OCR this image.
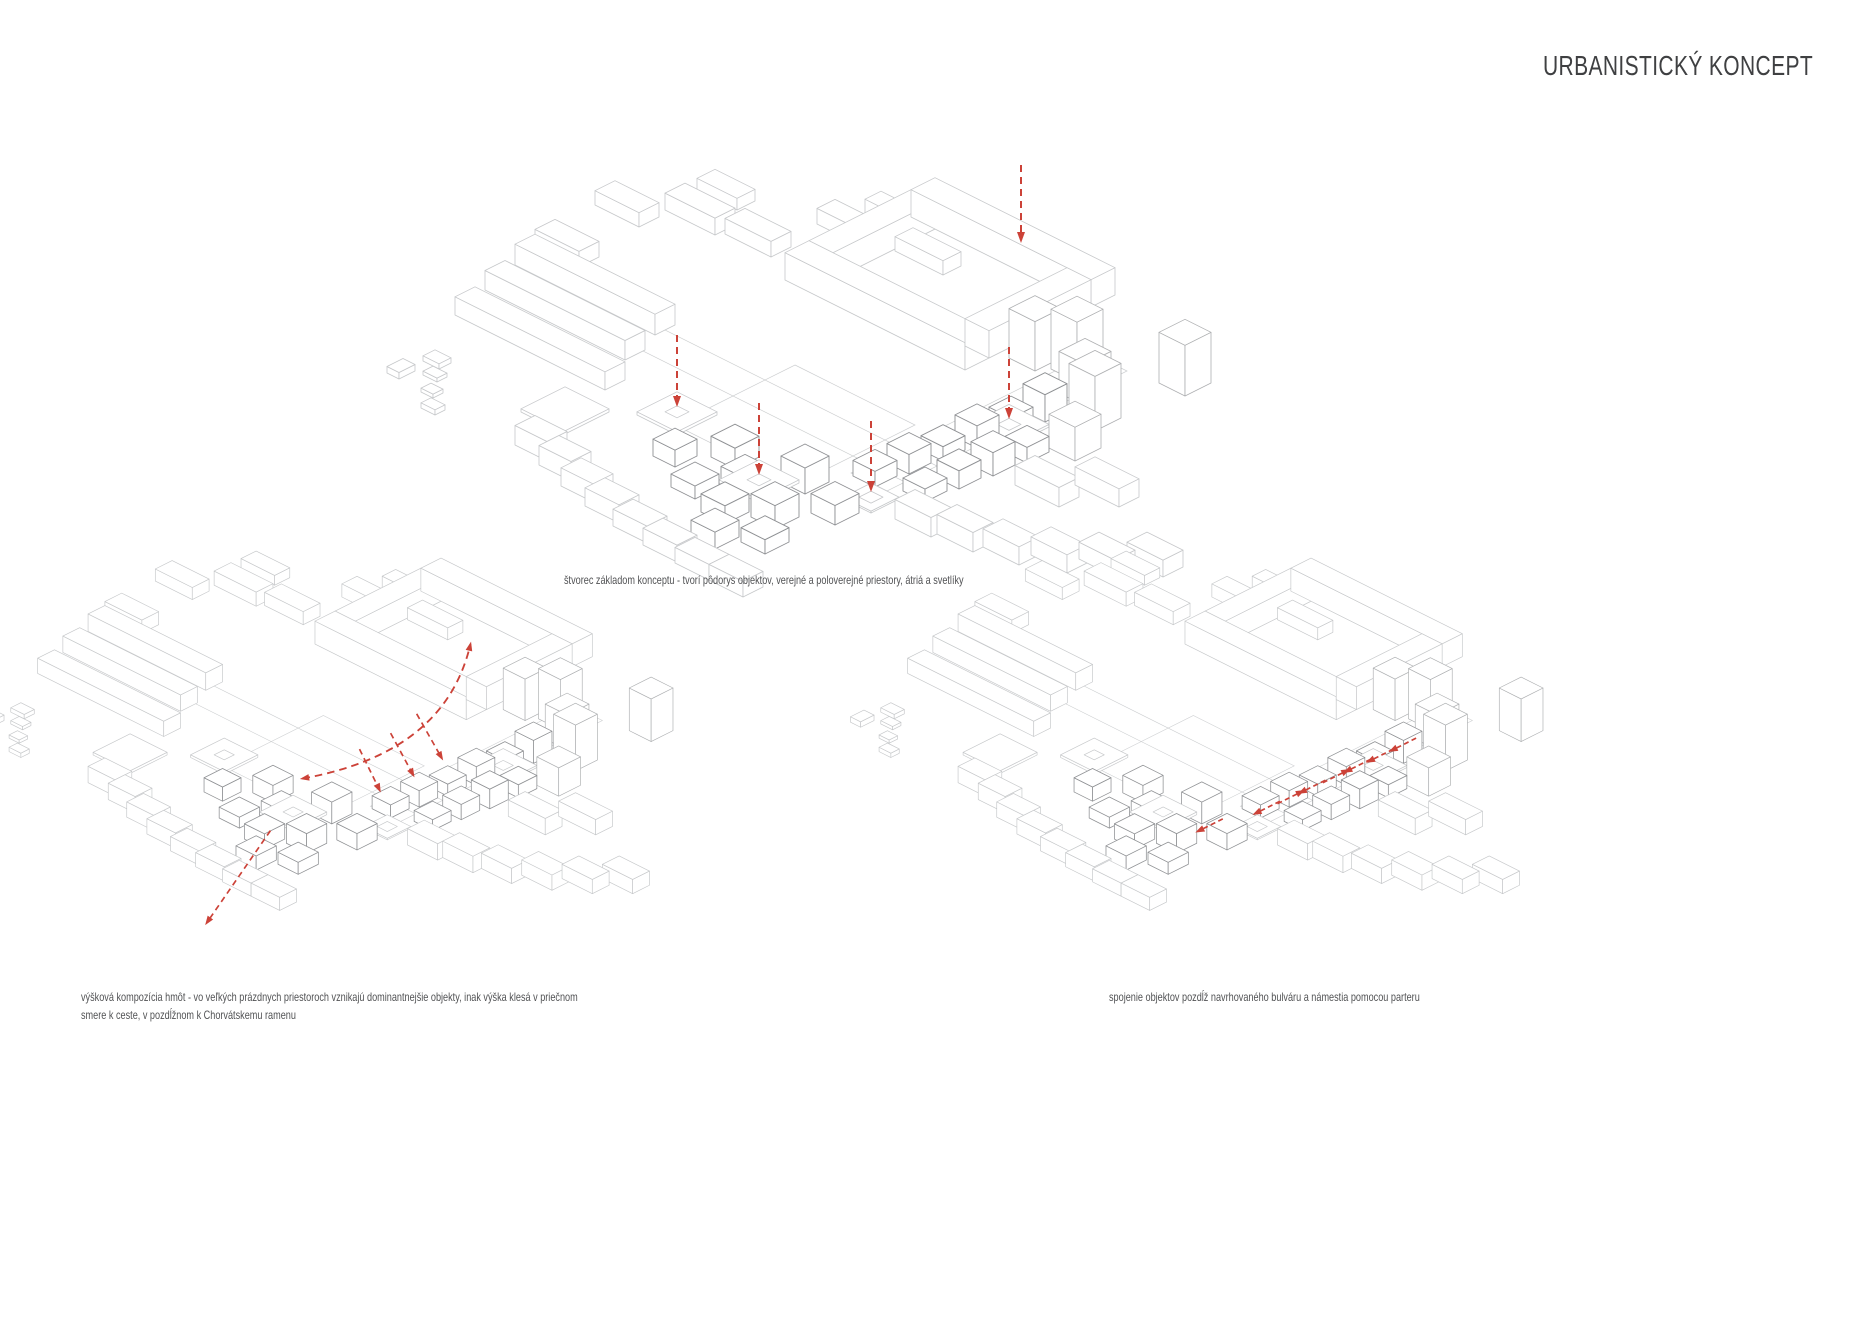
URBANISTICKÝ KONCEPT
štvorec základom konceptu - tvorí pôdorys objektov, verejné a poloverejné priestory, átriá a svetlíky
výšková kompozícia hmôt - vo veľkých prázdnych priestoroch vznikajú dominantnejšie objekty, inak výška klesá v priečnom smere k ceste, v pozdĺžnom k Chorvátskemu ramenu
spojenie objektov pozdĺž navrhovaného bulváru a námestia pomocou parteru
